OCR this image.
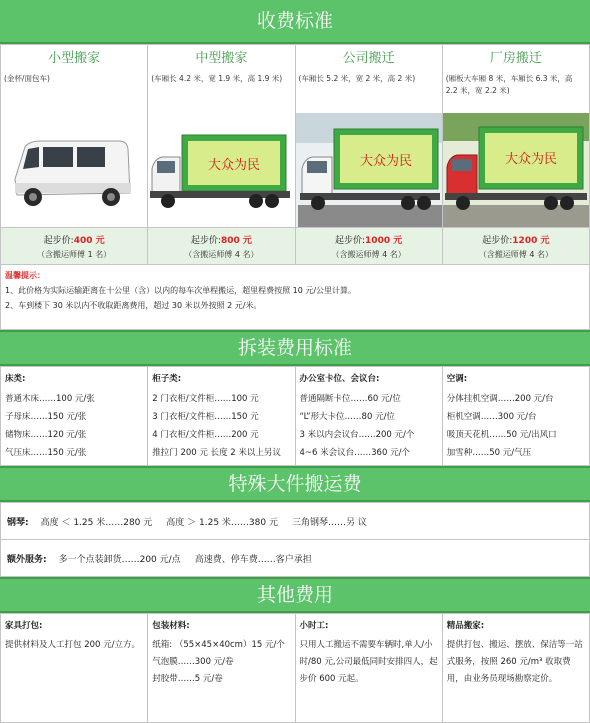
收费标准
小型搬家
(金杯/面包车)
起步价:400 元
（含搬运师傅 1 名）

中型搬家
(车厢长 4.2 米，宽 1.9 米，高 1.9 米)
大众为民
起步价:800 元
（含搬运师傅 4 名）

公司搬迁
(车厢长 5.2 米，宽 2 米，高 2 米)
大众为民
起步价:1000 元
（含搬运师傅 4 名）

厂房搬迁
(厢板大车厢 8 米，车厢长 6.3 米，高 2.2 米，宽 2.2 米)
大众为民
起步价:1200 元
（含搬运师傅 4 名）

温馨提示：
1、此价格为实际运输距离在十公里（含）以内的每车次单程搬运，超里程费按照 10 元/公里计算。
2、车到楼下 30 米以内不收取距离费用，超过 30 米以外按照 2 元/米。
拆装费用标准
床类:
普通木床……100 元/张
子母床……150 元/张
储物床……120 元/张
气压床……150 元/张

柜子类:
2 门衣柜/文件柜……100 元
3 门衣柜/文件柜……150 元
4 门衣柜/文件柜……200 元
推拉门 200 元 长度 2 米以上另议

办公室卡位、会议台:
普通隔断卡位……60 元/位
“L”形大卡位……80 元/位
3 米以内会议台……200 元/个
4~6 米会议台……360 元/个

空调:
分体挂机空调……200 元/台
柜机空调……300 元/台
吸顶天花机……50 元/出风口
加雪种……50 元/气压
特殊大件搬运费
钢琴: 高度 ＜ 1.25 米……280 元 高度 ＞ 1.25 米……380 元 三角钢琴……另 议

额外服务: 多一个点装卸货……200 元/点 高速费、停车费……客户承担
其他费用
家具打包:
提供材料及人工打包 200 元/立方。

包装材料:
纸箱: （55×45×40cm）15 元/个
气泡膜……300 元/卷
封胶带……5 元/卷

小时工:
只用人工搬运不需要车辆时,单人/小时/80 元,公司最低同时安排四人，起步价 600 元起。

精品搬家:
提供打包、搬运、摆放、保洁等一站式服务，按照 260 元/m³ 收取费用，由业务员现场勘察定价。
